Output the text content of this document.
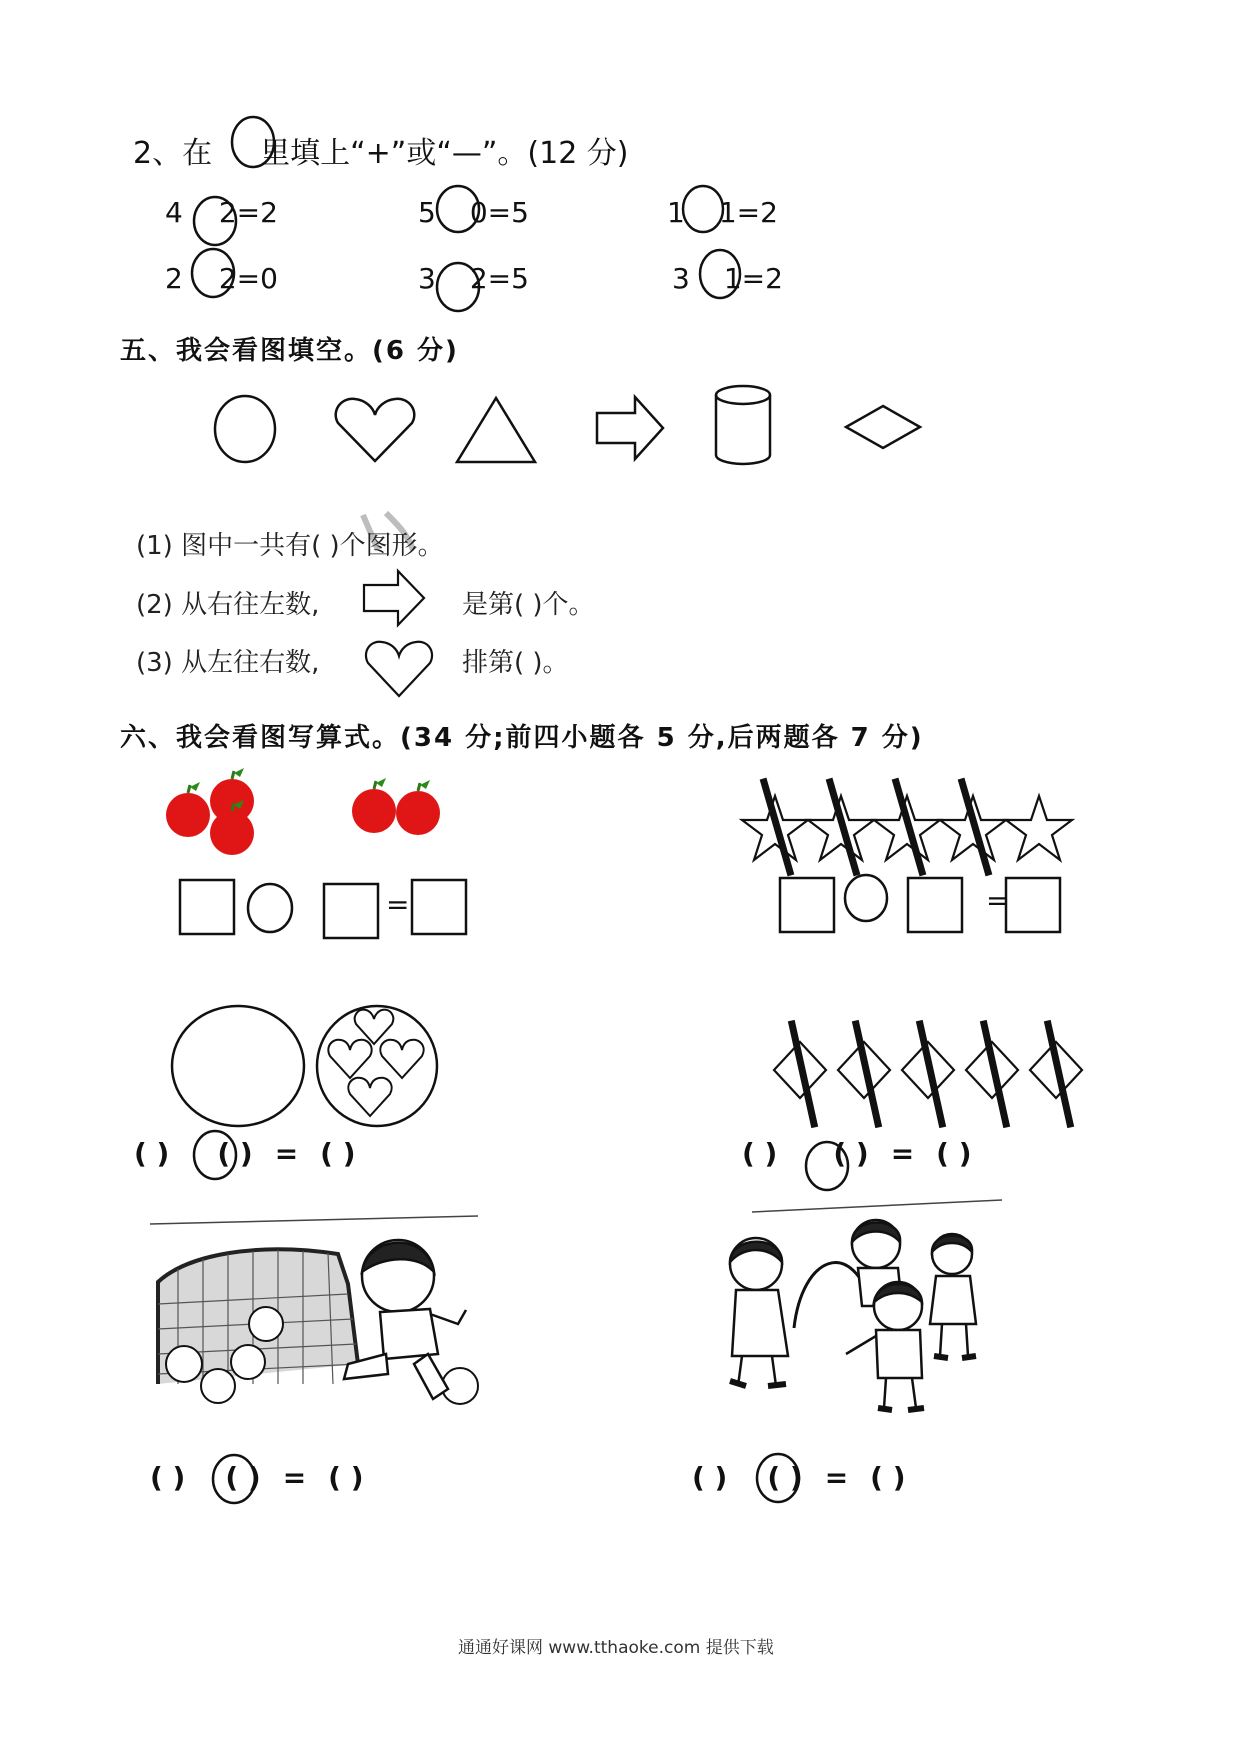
2、在 里填上“+”或“—”。(12 分)
4 2=2	5 0=5	1 1=2
2 2=0	3 2=5	3 1=2
五、我会看图填空。(6 分)
(1) 图中一共有( )个图形。
(2) 从右往左数,	是第( )个。
(3) 从左往右数,	排第( )。
六、我会看图写算式。(34 分;前四小题各 5 分,后两题各 7 分)
=	=
( ) ( ) = ( )	( ) ( ) = ( )
( ) ( ) = ( )	( ) ( ) = ( )
通通好课网 www.tthaoke.com 提供下载
